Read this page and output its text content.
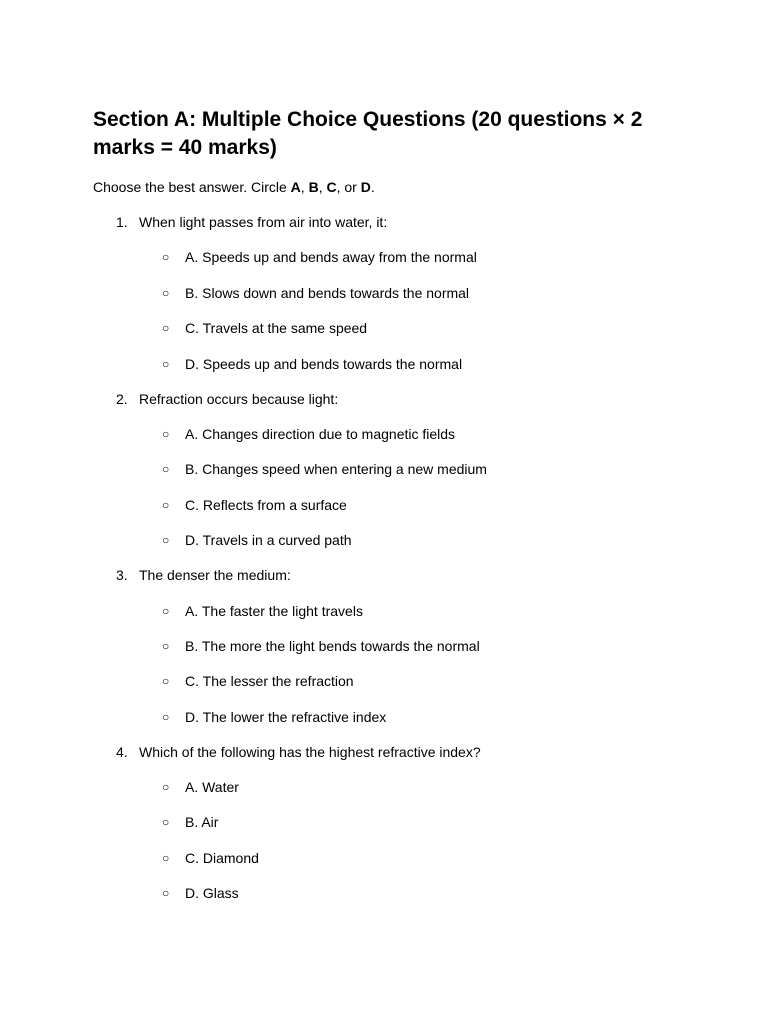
Section A: Multiple Choice Questions (20 questions × 2 marks = 40 marks)

Choose the best answer. Circle A, B, C, or D.

1. When light passes from air into water, it:
○ A. Speeds up and bends away from the normal
○ B. Slows down and bends towards the normal
○ C. Travels at the same speed
○ D. Speeds up and bends towards the normal
2. Refraction occurs because light:
○ A. Changes direction due to magnetic fields
○ B. Changes speed when entering a new medium
○ C. Reflects from a surface
○ D. Travels in a curved path
3. The denser the medium:
○ A. The faster the light travels
○ B. The more the light bends towards the normal
○ C. The lesser the refraction
○ D. The lower the refractive index
4. Which of the following has the highest refractive index?
○ A. Water
○ B. Air
○ C. Diamond
○ D. Glass
